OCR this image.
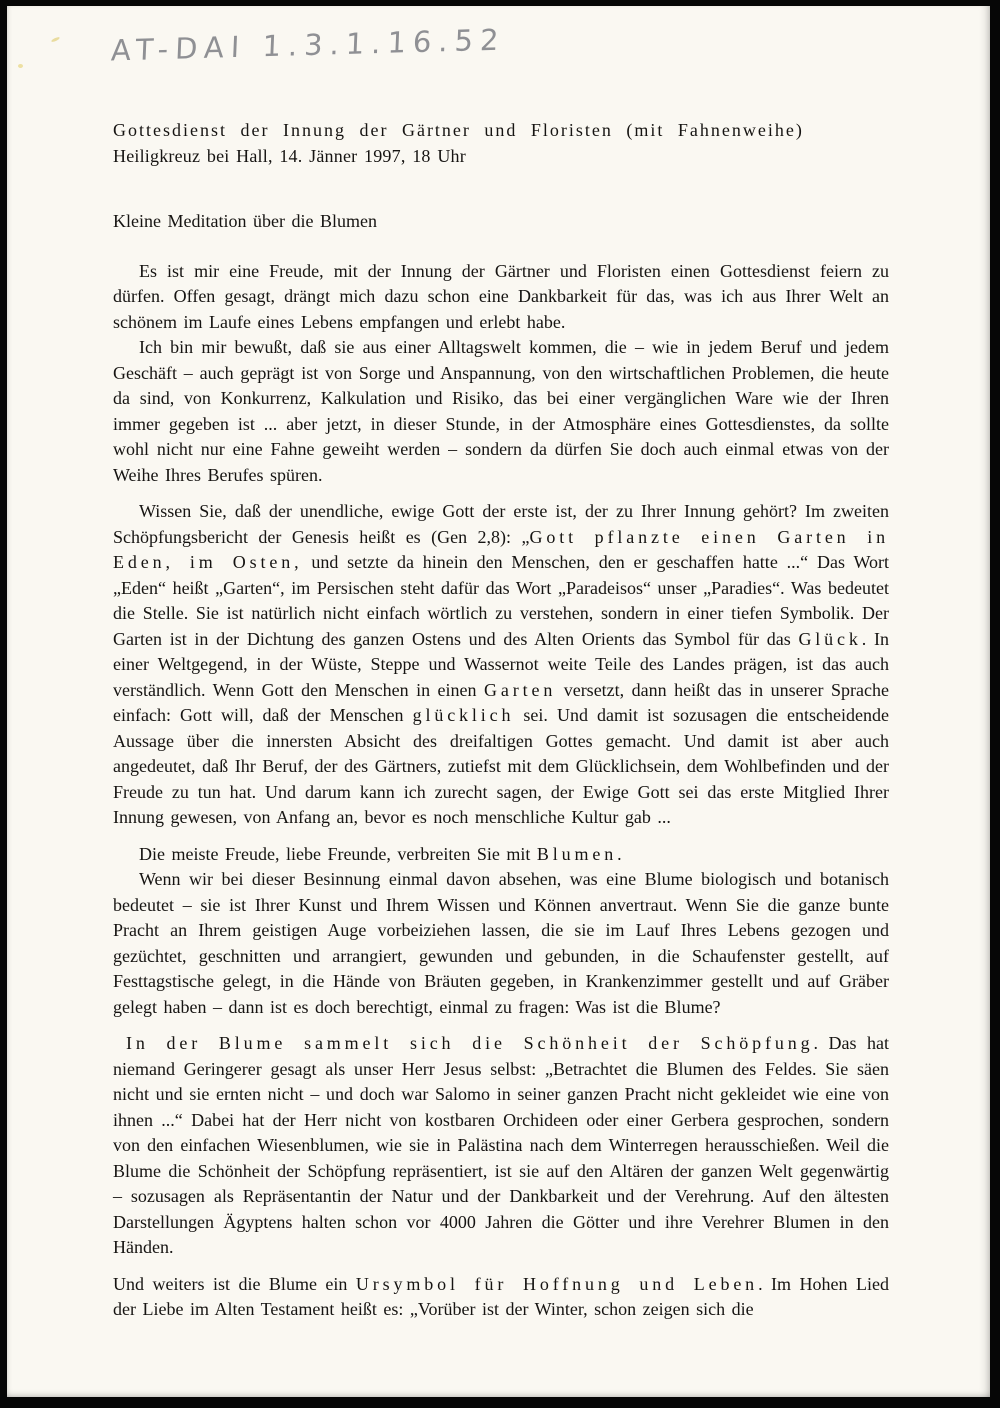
AT-DAI 1.3.1.16.52
Gottesdienst der Innung der Gärtner und Floristen (mit Fahnenweihe)
Heiligkreuz bei Hall, 14. Jänner 1997, 18 Uhr
Kleine Meditation über die Blumen

Es ist mir eine Freude, mit der Innung der Gärtner und Floristen einen Gottesdienst feiern zu dürfen. Offen gesagt, drängt mich dazu schon eine Dankbarkeit für das, was ich aus Ihrer Welt an schönem im Laufe eines Lebens empfangen und erlebt habe.

Ich bin mir bewußt, daß sie aus einer Alltagswelt kommen, die – wie in jedem Beruf und jedem Geschäft – auch geprägt ist von Sorge und Anspannung, von den wirtschaftlichen Problemen, die heute da sind, von Konkurrenz, Kalkulation und Risiko, das bei einer vergänglichen Ware wie der Ihren immer gegeben ist ... aber jetzt, in dieser Stunde, in der Atmosphäre eines Gottesdienstes, da sollte wohl nicht nur eine Fahne geweiht werden – sondern da dürfen Sie doch auch einmal etwas von der Weihe Ihres Berufes spüren.

Wissen Sie, daß der unendliche, ewige Gott der erste ist, der zu Ihrer Innung gehört? Im zweiten Schöpfungsbericht der Genesis heißt es (Gen 2,8): „Gott pflanzte einen Garten in Eden, im Osten, und setzte da hinein den Menschen, den er geschaffen hatte ...“ Das Wort „Eden“ heißt „Garten“, im Persischen steht dafür das Wort „Paradeisos“ unser „Paradies“. Was bedeutet die Stelle. Sie ist natürlich nicht einfach wörtlich zu verstehen, sondern in einer tiefen Symbolik. Der Garten ist in der Dichtung des ganzen Ostens und des Alten Orients das Symbol für das Glück. In einer Weltgegend, in der Wüste, Steppe und Wassernot weite Teile des Landes prägen, ist das auch verständlich. Wenn Gott den Menschen in einen Garten versetzt, dann heißt das in unserer Sprache einfach: Gott will, daß der Menschen glücklich sei. Und damit ist sozusagen die entscheidende Aussage über die innersten Absicht des dreifaltigen Gottes gemacht. Und damit ist aber auch angedeutet, daß Ihr Beruf, der des Gärtners, zutiefst mit dem Glücklichsein, dem Wohlbefinden und der Freude zu tun hat. Und darum kann ich zurecht sagen, der Ewige Gott sei das erste Mitglied Ihrer Innung gewesen, von Anfang an, bevor es noch menschliche Kultur gab ...

Die meiste Freude, liebe Freunde, verbreiten Sie mit Blumen.

Wenn wir bei dieser Besinnung einmal davon absehen, was eine Blume biologisch und botanisch bedeutet – sie ist Ihrer Kunst und Ihrem Wissen und Können anvertraut. Wenn Sie die ganze bunte Pracht an Ihrem geistigen Auge vorbeiziehen lassen, die sie im Lauf Ihres Lebens gezogen und gezüchtet, geschnitten und arrangiert, gewunden und gebunden, in die Schaufenster gestellt, auf Festtagstische gelegt, in die Hände von Bräuten gegeben, in Krankenzimmer gestellt und auf Gräber gelegt haben – dann ist es doch berechtigt, einmal zu fragen: Was ist die Blume?

In der Blume sammelt sich die Schönheit der Schöpfung. Das hat niemand Geringerer gesagt als unser Herr Jesus selbst: „Betrachtet die Blumen des Feldes. Sie säen nicht und sie ernten nicht – und doch war Salomo in seiner ganzen Pracht nicht gekleidet wie eine von ihnen ...“ Dabei hat der Herr nicht von kostbaren Orchideen oder einer Gerbera gesprochen, sondern von den einfachen Wiesenblumen, wie sie in Palästina nach dem Winterregen herausschießen. Weil die Blume die Schönheit der Schöpfung repräsentiert, ist sie auf den Altären der ganzen Welt gegenwärtig – sozusagen als Repräsentantin der Natur und der Dankbarkeit und der Verehrung. Auf den ältesten Darstellungen Ägyptens halten schon vor 4000 Jahren die Götter und ihre Verehrer Blumen in den Händen.

Und weiters ist die Blume ein Ursymbol für Hoffnung und Leben. Im Hohen Lied der Liebe im Alten Testament heißt es: „Vorüber ist der Winter, schon zeigen sich die
